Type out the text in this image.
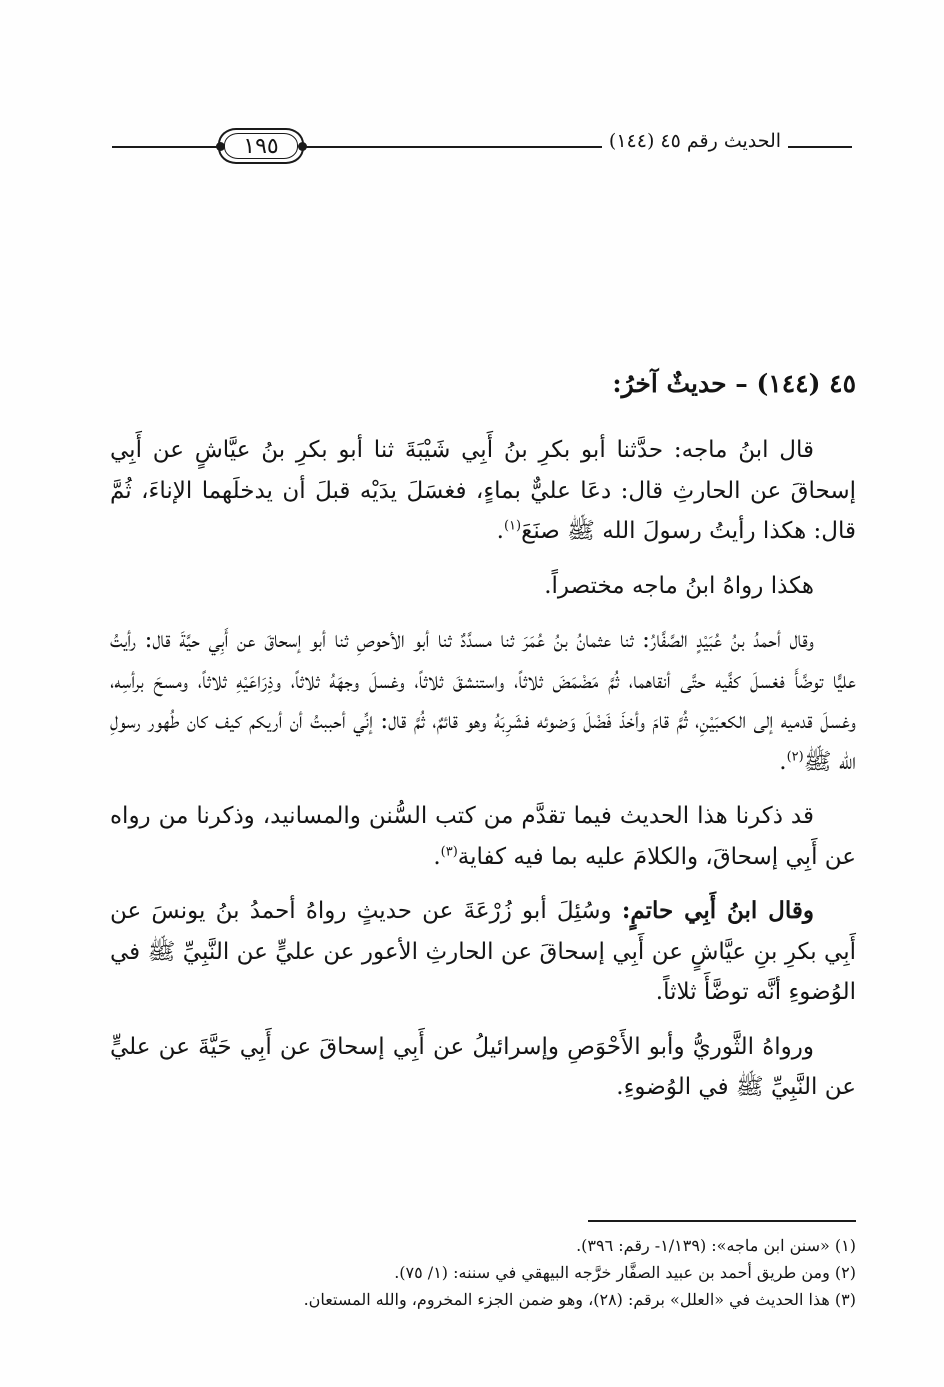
١٩٥	الحديث رقم ٤٥ (١٤٤)
٤٥ (١٤٤) – حديثٌ آخرُ:

قال ابنُ ماجه: حدَّثنا أبو بكرِ بنُ أَبِي شَيْبَةَ ثنا أبو بكرِ بنُ عيَّاشٍ عن أَبِي إسحاقَ عن الحارثِ قال: دعَا عليٌّ بماءٍ، فغسَلَ يدَيْه قبلَ أن يدخلَهما الإناءَ، ثُمَّ قال: هكذا رأيتُ رسولَ الله ﷺ صنَعَ$^{(١)}$.

هكذا رواهُ ابنُ ماجه مختصراً.

وقال أحمدُ بنُ عُبَيْدٍ الصَّفَّارُ: ثنا عثمانُ بنُ عُمَرَ ثنا مسدَّدٌ ثنا أبو الأحوصِ ثنا أبو إسحاقَ عن أَبِي حيَّةَ قال: رأيتُ عليًّا توضَّأَ فغسلَ كفَّيه حتَّى أنقاهما، ثُمَّ مَضْمَضَ ثلاثاً، واستنشقَ ثلاثاً، وغسلَ وجهَهُ ثلاثاً، وذِرَاعَيْهِ ثلاثاً، ومسحَ برأسِه، وغسلَ قدميه إلى الكعبَيْنِ، ثُمَّ قامَ وأخذَ فَضْلَ وَضوئه فشَرِبَهُ وهو قائمٌ، ثُمَّ قال: إنِّي أحببتُ أن أريكم كيف كان طُهور رسولِ الله ﷺ$^{(٢)}$.

قد ذكرنا هذا الحديث فيما تقدَّم من كتب السُّنن والمسانيد، وذكرنا من رواه عن أَبِي إسحاقَ، والكلامَ عليه بما فيه كفاية$^{(٣)}$.

وقال ابنُ أَبِي حاتمٍ: وسُئِلَ أبو زُرْعَةَ عن حديثٍ رواهُ أحمدُ بنُ يونسَ عن أَبِي بكرِ بنِ عيَّاشٍ عن أَبِي إسحاقَ عن الحارثِ الأعور عن عليٍّ عن النَّبِيِّ ﷺ في الوُضوءِ أنَّه توضَّأَ ثلاثاً.

ورواهُ الثَّوريُّ وأبو الأَحْوَصِ وإسرائيلُ عن أَبِي إسحاقَ عن أَبِي حَيَّةَ عن عليٍّ عن النَّبِيِّ ﷺ في الوُضوءِ.

(١) «سنن ابن ماجه»: (١/١٣٩- رقم: ٣٩٦).
(٢) ومن طريق أحمد بن عبيد الصفَّار خرَّجه البيهقي في سننه: (١/ ٧٥).
(٣) هذا الحديث في «العلل» برقم: (٢٨)، وهو ضمن الجزء المخروم، والله المستعان.
